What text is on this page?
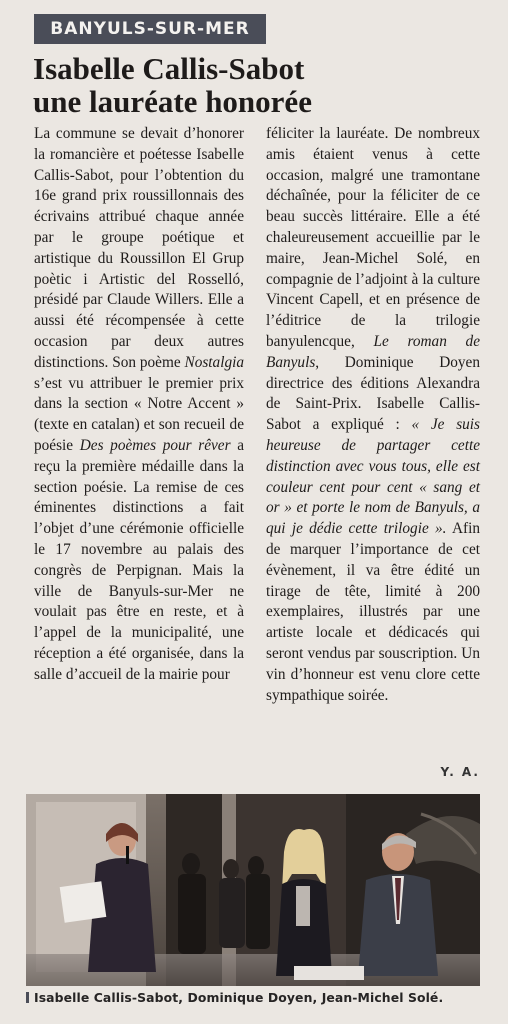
BANYULS-SUR-MER
Isabelle Callis-Sabot
une lauréate honorée

La commune se devait d’honorer la romancière et poétesse Isabelle Callis-Sabot, pour l’obtention du 16e grand prix roussillonnais des écrivains attribué chaque année par le groupe poétique et artistique du Roussillon El Grup poètic i Artistic del Rosselló, présidé par Claude Willers. Elle a aussi été récompensée à cette occasion par deux autres distinctions. Son poème Nostalgia s’est vu attribuer le premier prix dans la section « Notre Accent » (texte en catalan) et son recueil de poésie Des poèmes pour rêver a reçu la première médaille dans la section poésie. La remise de ces éminentes distinctions a fait l’objet d’une cérémonie officielle le 17 novembre au palais des congrès de Perpignan. Mais la ville de Banyuls-sur-Mer ne voulait pas être en reste, et à l’appel de la municipalité, une réception a été organisée, dans la salle d’accueil de la mairie pour

féliciter la lauréate. De nombreux amis étaient venus à cette occasion, malgré une tramontane déchaînée, pour la féliciter de ce beau succès littéraire. Elle a été chaleureusement accueillie par le maire, Jean-Michel Solé, en compagnie de l’adjoint à la culture Vincent Capell, et en présence de l’éditrice de la trilogie banyulencque, Le roman de Banyuls, Dominique Doyen directrice des éditions Alexandra de Saint-Prix. Isabelle Callis-Sabot a expliqué : « Je suis heureuse de partager cette distinction avec vous tous, elle est couleur cent pour cent « sang et or » et porte le nom de Banyuls, a qui je dédie cette trilogie ». Afin de marquer l’importance de cet évènement, il va être édité un tirage de tête, limité à 200 exemplaires, illustrés par une artiste locale et dédicacés qui seront vendus par souscription. Un vin d’honneur est venu clore cette sympathique soirée.

Y. A.
Isabelle Callis-Sabot, Dominique Doyen, Jean-Michel Solé.
